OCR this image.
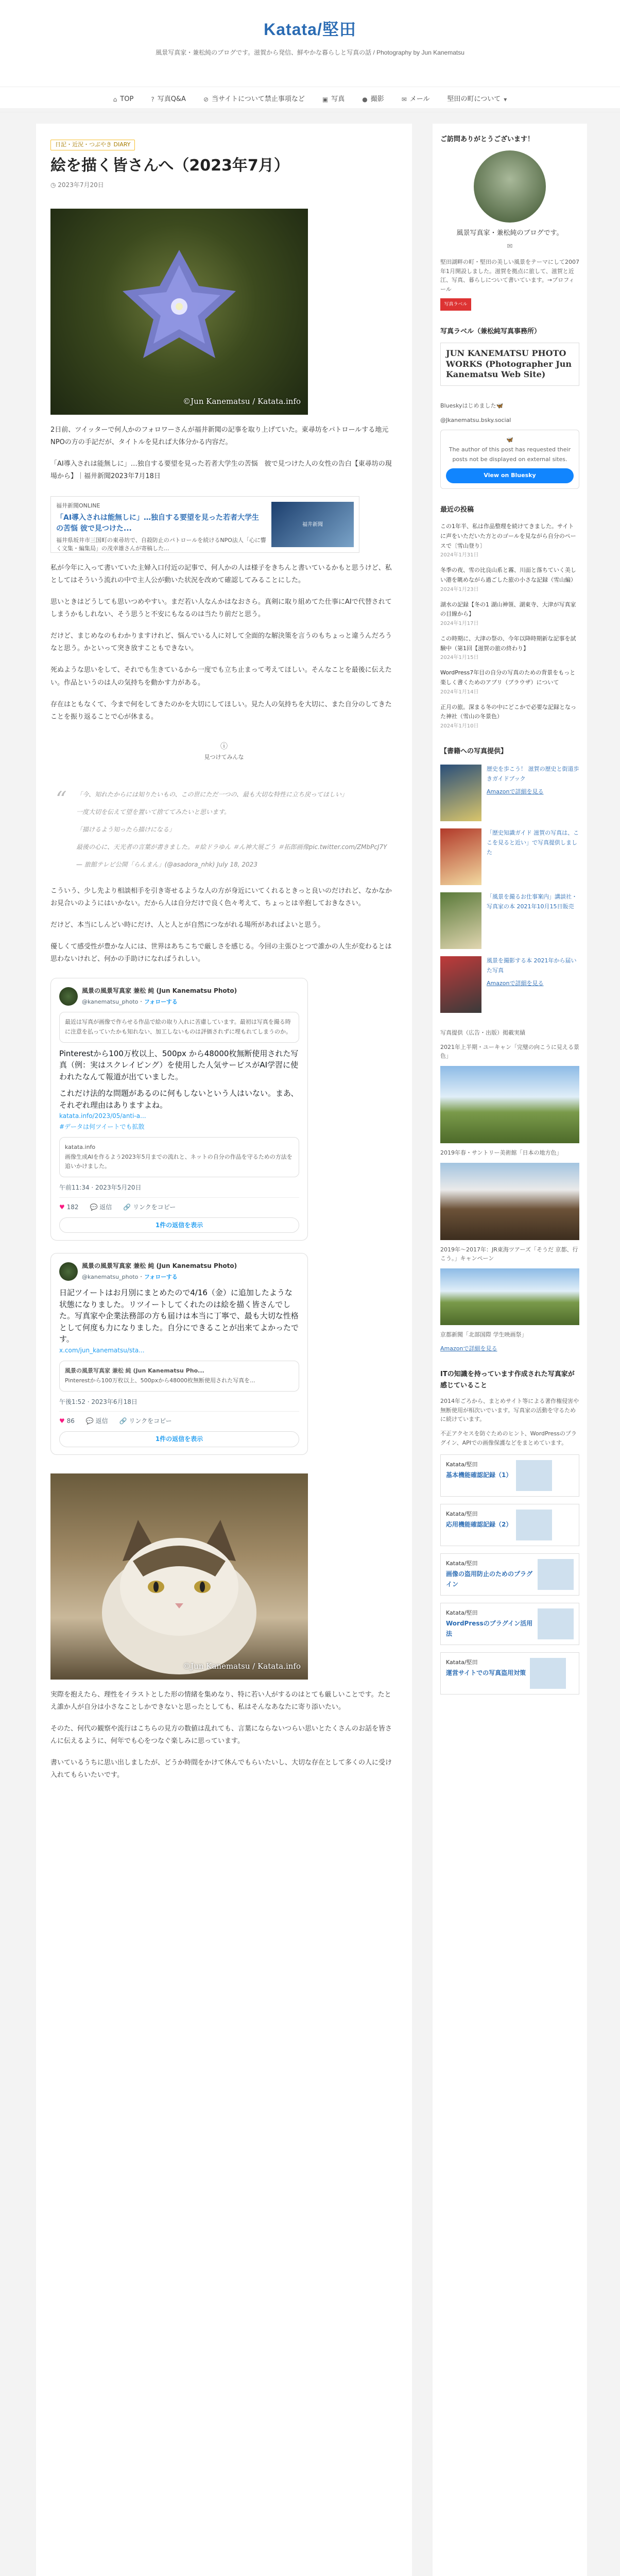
Katata/堅田
風景写真家・兼松純のブログです。滋賀から発信、鮮やかな暮らしと写真の話 / Photography by Jun Kanematsu
⌂ TOP	? 写真Q&A	⊘ 当サイトについて禁止事項など	▣ 写真	● 撮影	✉ メール	堅田の町について ▾
日記・近況・つぶやき DIARY
絵を描く皆さんへ（2023年7月）
◷ 2023年7月20日
©Jun Kanematsu / Katata.info

2日前、ツイッターで何人かのフォロワーさんが福井新聞の記事を取り上げていた。東尋坊をパトロールする地元NPOの方の手記だが、タイトルを見れば大体分かる内容だ。

「AI導入されは能無しに」…独自する要望を見った若者大学生の苦悩　彼で見つけた人の女性の告白【東尋坊の現場から】｜福井新聞2023年7月18日

福井新聞ONLINE
「AI導入されは能無しに」…独自する要望を見った若者大学生の苦悩 彼で見つけた...
福井県坂井市三国町の東尋坊で、自殺防止のパトロールを続けるNPO法人「心に響く文集・編集局」の茂幸雄さんが寄稿した...
福井新聞

私が今年に入って書いていた主婦入口付近の記事で、何人かの人は様子をきちんと書いているかもと思うけど、私としてはそういう流れの中で主人公が動いた状況を改めて確認してみることにした。

思いときはどうしても思いつめやすい。まだ若い人なんかはなおさら。真剣に取り組めてた仕事にAIで代替されてしまうかもしれない、そう思うと不安にもなるのは当たり前だと思う。

だけど、まじめなのもわかりますけれど、悩んでいる人に対して全面的な解決策を言うのもちょっと違うんだろうなと思う。かといって突き放すこともできない。

死ぬような思いをして、それでも生きているから一度でも立ち止まって考えてほしい。そんなことを最後に伝えたい。作品というのは人の気持ちを動かす力がある。

存在はともなくて、今まで何をしてきたのかを大切にしてほしい。見た人の気持ちを大切に、また自分のしてきたことを振り返ることで心が休まる。

ⓘ
見つけてみんな
“ 「今、知れたからには知りたいもの、この世にただ一つの、最も大切な特性に立ち戻ってほしい」

一度大切を伝えて望を置いて捨ててみたいと思います。

「描けるよう知ったら描けになる」

最後の心に、天光者の言葉が書きました。＃絵ドラゆん ＃ん神大展ごう ＃拓郎画像pic.twitter.com/ZMbPcJ7Y

— 旅館テレビ公開「らんまん」(@asadora_nhk) July 18, 2023

こういう、少し先より相談相手を引き寄せるような人の方が身近にいてくれるときっと良いのだけれど、なかなかお見合いのようにはいかない。だから人は自分だけで良く色々考えて、ちょっとは辛抱しておきなさい。

だけど、本当にしんどい時にだけ、人と人とが自然につながれる場所があればよいと思う。

優しくて感受性が豊かな人には、世界はあちこちで厳しさを感じる。今回の主張ひとつで誰かの人生が変わるとは思わないけれど、何かの手助けになればうれしい。

風景の風景写真家 兼松 純 (Jun Kanematsu Photo)
@kanematsu_photo · フォローする
最近は写真が画像で作らせる作品で絵の取り入れに苦慮しています。最初は写真を撮る時に注意を払っていたかも知れない、加工しないものは評価されずに埋もれてしまうのか。
Pinterestから100万枚以上、500px から48000枚無断使用された写真（例：実はスクレイピング）を使用した人気サービスがAI学習に使われたなんて報道が出ていました。
これだけ法的な問題があるのに何もしないという人はいない。まあ、それぞれ理由はありますよね。
katata.info/2023/05/anti-a...
#データは何ツイートでも拡散
katata.info
画像生成AIを作るよう2023年5月までの流れと、ネットの自分の作品を守るための方法を追いかけました。
午前11:34 · 2023年5月20日
♥ 182 💬 返信 🔗 リンクをコピー
1件の返信を表示
風景の風景写真家 兼松 純 (Jun Kanematsu Photo)
@kanematsu_photo · フォローする
日記ツイートはお月別にまとめたので4/16（金）に追加したような状態になりました。リツイートしてくれたのは絵を描く皆さんでした。写真家や企業法務部の方も届けは本当に丁寧で、最も大切な性格として何度も力になりました。自分にできることが出来てよかったです。
x.com/jun_kanematsu/sta...
風景の風景写真家 兼松 純 (Jun Kanematsu Pho...
Pinterestから100万枚以上、500pxから48000枚無断使用された写真を...
午後1:52 · 2023年6月18日
♥ 86 💬 返信 🔗 リンクをコピー
1件の返信を表示
©Jun Kanematsu / Katata.info

実際を抱えたら、理性をイラストとした形の情緒を集めなり、特に若い人がするのはとても厳しいことです。たとえ誰か人が自分は小さなことしかできないと思ったとしても、私はそんなあなたに寄り添いたい。

そのた、何代の観察や流行はこちらの見方の数値は乱れても、言葉にならないつらい思いとたくさんのお話を皆さんに伝えるように、何年でも心をつなぐ楽しみに思っています。

書いているうちに思い出しましたが、どうか時間をかけて休んでもらいたいし、大切な存在として多くの人に受け入れてもらいたいです。

ご訪問ありがとうございます！
風景写真家・兼松純のブログです。
✉
堅田湖畔の町・堅田の美しい風景をテーマにして2007年1月開設しました。滋賀を拠点に旅して、滋賀と近江、写真、暮らしについて書いています。→プロフィール
写真ラベル
写真ラベル（兼松純写真事務所）
JUN KANEMATSU PHOTO WORKS (Photographer Jun Kanematsu Web Site)
Blueskyはじめました🦋
@Jkanematsu.bsky.social
🦋
The author of this post has requested their posts not be displayed on external sites.
View on Bluesky
最近の投稿
この1年半、私は作品整理を続けてきました。サイトに声をいただいた方とのゴールを見ながら自分のペースで〔雪山登り〕
2024年1月31日
冬季の夜、雪の比良山系と霧、川面と落ちていく美しい港を眺めながら過ごした旅の小さな記録（雪山編）
2024年1月23日
湖水の記録【冬の1 湖山神領、湖東寺、大津が写真家の目線から】
2024年1月17日
この時期に、大津の祭の、今年以降時期新な記事を試験中（第1回【滋賀の旅の終わり】
2024年1月15日
WordPress7年目の自分の写真のための背景をもっと楽しく書くためのアプリ（ブラウザ）について
2024年1月14日
正月の旅。深まる冬の中にどこかで必要な記録となった神社（雪山の冬景色）
2024年1月10日
【書籍への写真提供】
歴史を歩こう！ 滋賀の歴史と街道歩きガイドブック
Amazonで詳細を見る
「歴史知識ガイド 滋賀の写真は、ここを見ると近い」で写真提供しました
「風景を撮るお仕事案内」講談社・写真家の本 2021年10月15日販売
風景を撮影する本 2021年から届いた写真
Amazonで詳細を見る
写真提供（広告・出版）掲載実績
2021年上半期・ユーキャン「完璧の向こうに見える景色」
2019年春・サントリー美術館「日本の地方色」
2019年〜2017年：JR東海ツアーズ「そうだ 京都、行こう。」キャンペーン
京都新聞「北部国際 学生映画祭」
Amazonで詳細を見る
ITの知識を持っています作成された写真家が感じていること
2014年ごろから、まとめサイト等による著作権侵害や無断使用が相次いでいます。写真家の活動を守るために続けています。
不正アクセスを防ぐためのヒント、WordPressのプラグイン、APIでの画像保護などをまとめています。
Katata/堅田
基本機能確認記録（1）
Katata/堅田
応用機能確認記録（2）
Katata/堅田
画像の盗用防止のためのプラグイン
Katata/堅田
WordPressのプラグイン活用法
Katata/堅田
運営サイトでの写真盗用対策
